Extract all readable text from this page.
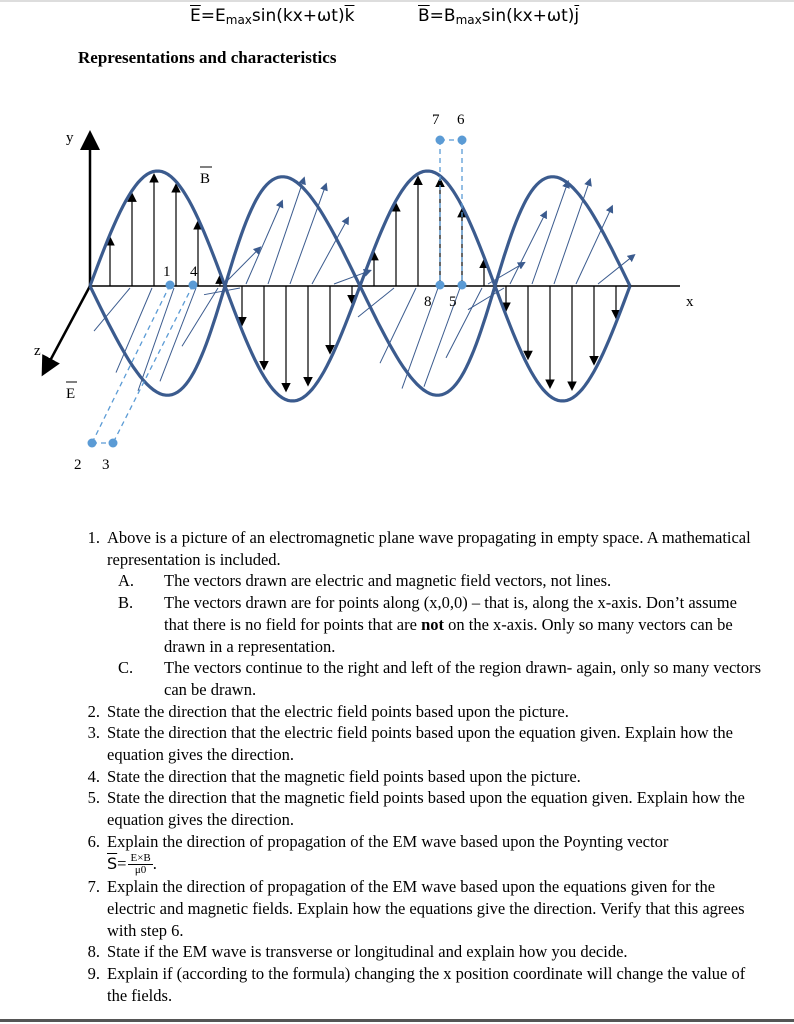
$\overline{E}=E_{max}\sin(kx+\omega t)\overline{k}$	$\overline{B}=B_{max}\sin(kx+\omega t)\overline{j}$
Representations and characteristics
y
x
z
B
E
1 4
7 6
8 5
2 3
1. Above is a picture of an electromagnetic plane wave propagating in empty space. A mathematical representation is included.
A. The vectors drawn are electric and magnetic field vectors, not lines.
B. The vectors drawn are for points along (x,0,0) – that is, along the x-axis. Don’t assume that there is no field for points that are not on the x-axis. Only so many vectors can be drawn in a representation.
C. The vectors continue to the right and left of the region drawn- again, only so many vectors can be drawn.
2. State the direction that the electric field points based upon the picture.
3. State the direction that the electric field points based upon the equation given. Explain how the equation gives the direction.
4. State the direction that the magnetic field points based upon the picture.
5. State the direction that the magnetic field points based upon the equation given. Explain how the equation gives the direction.
6. Explain the direction of propagation of the EM wave based upon the Poynting vector
$\overline{S}= \frac{E\times B}{\mu 0}$ .
7. Explain the direction of propagation of the EM wave based upon the equations given for the electric and magnetic fields. Explain how the equations give the direction. Verify that this agrees with step 6.
8. State if the EM wave is transverse or longitudinal and explain how you decide.
9. Explain if (according to the formula) changing the x position coordinate will change the value of the fields.
